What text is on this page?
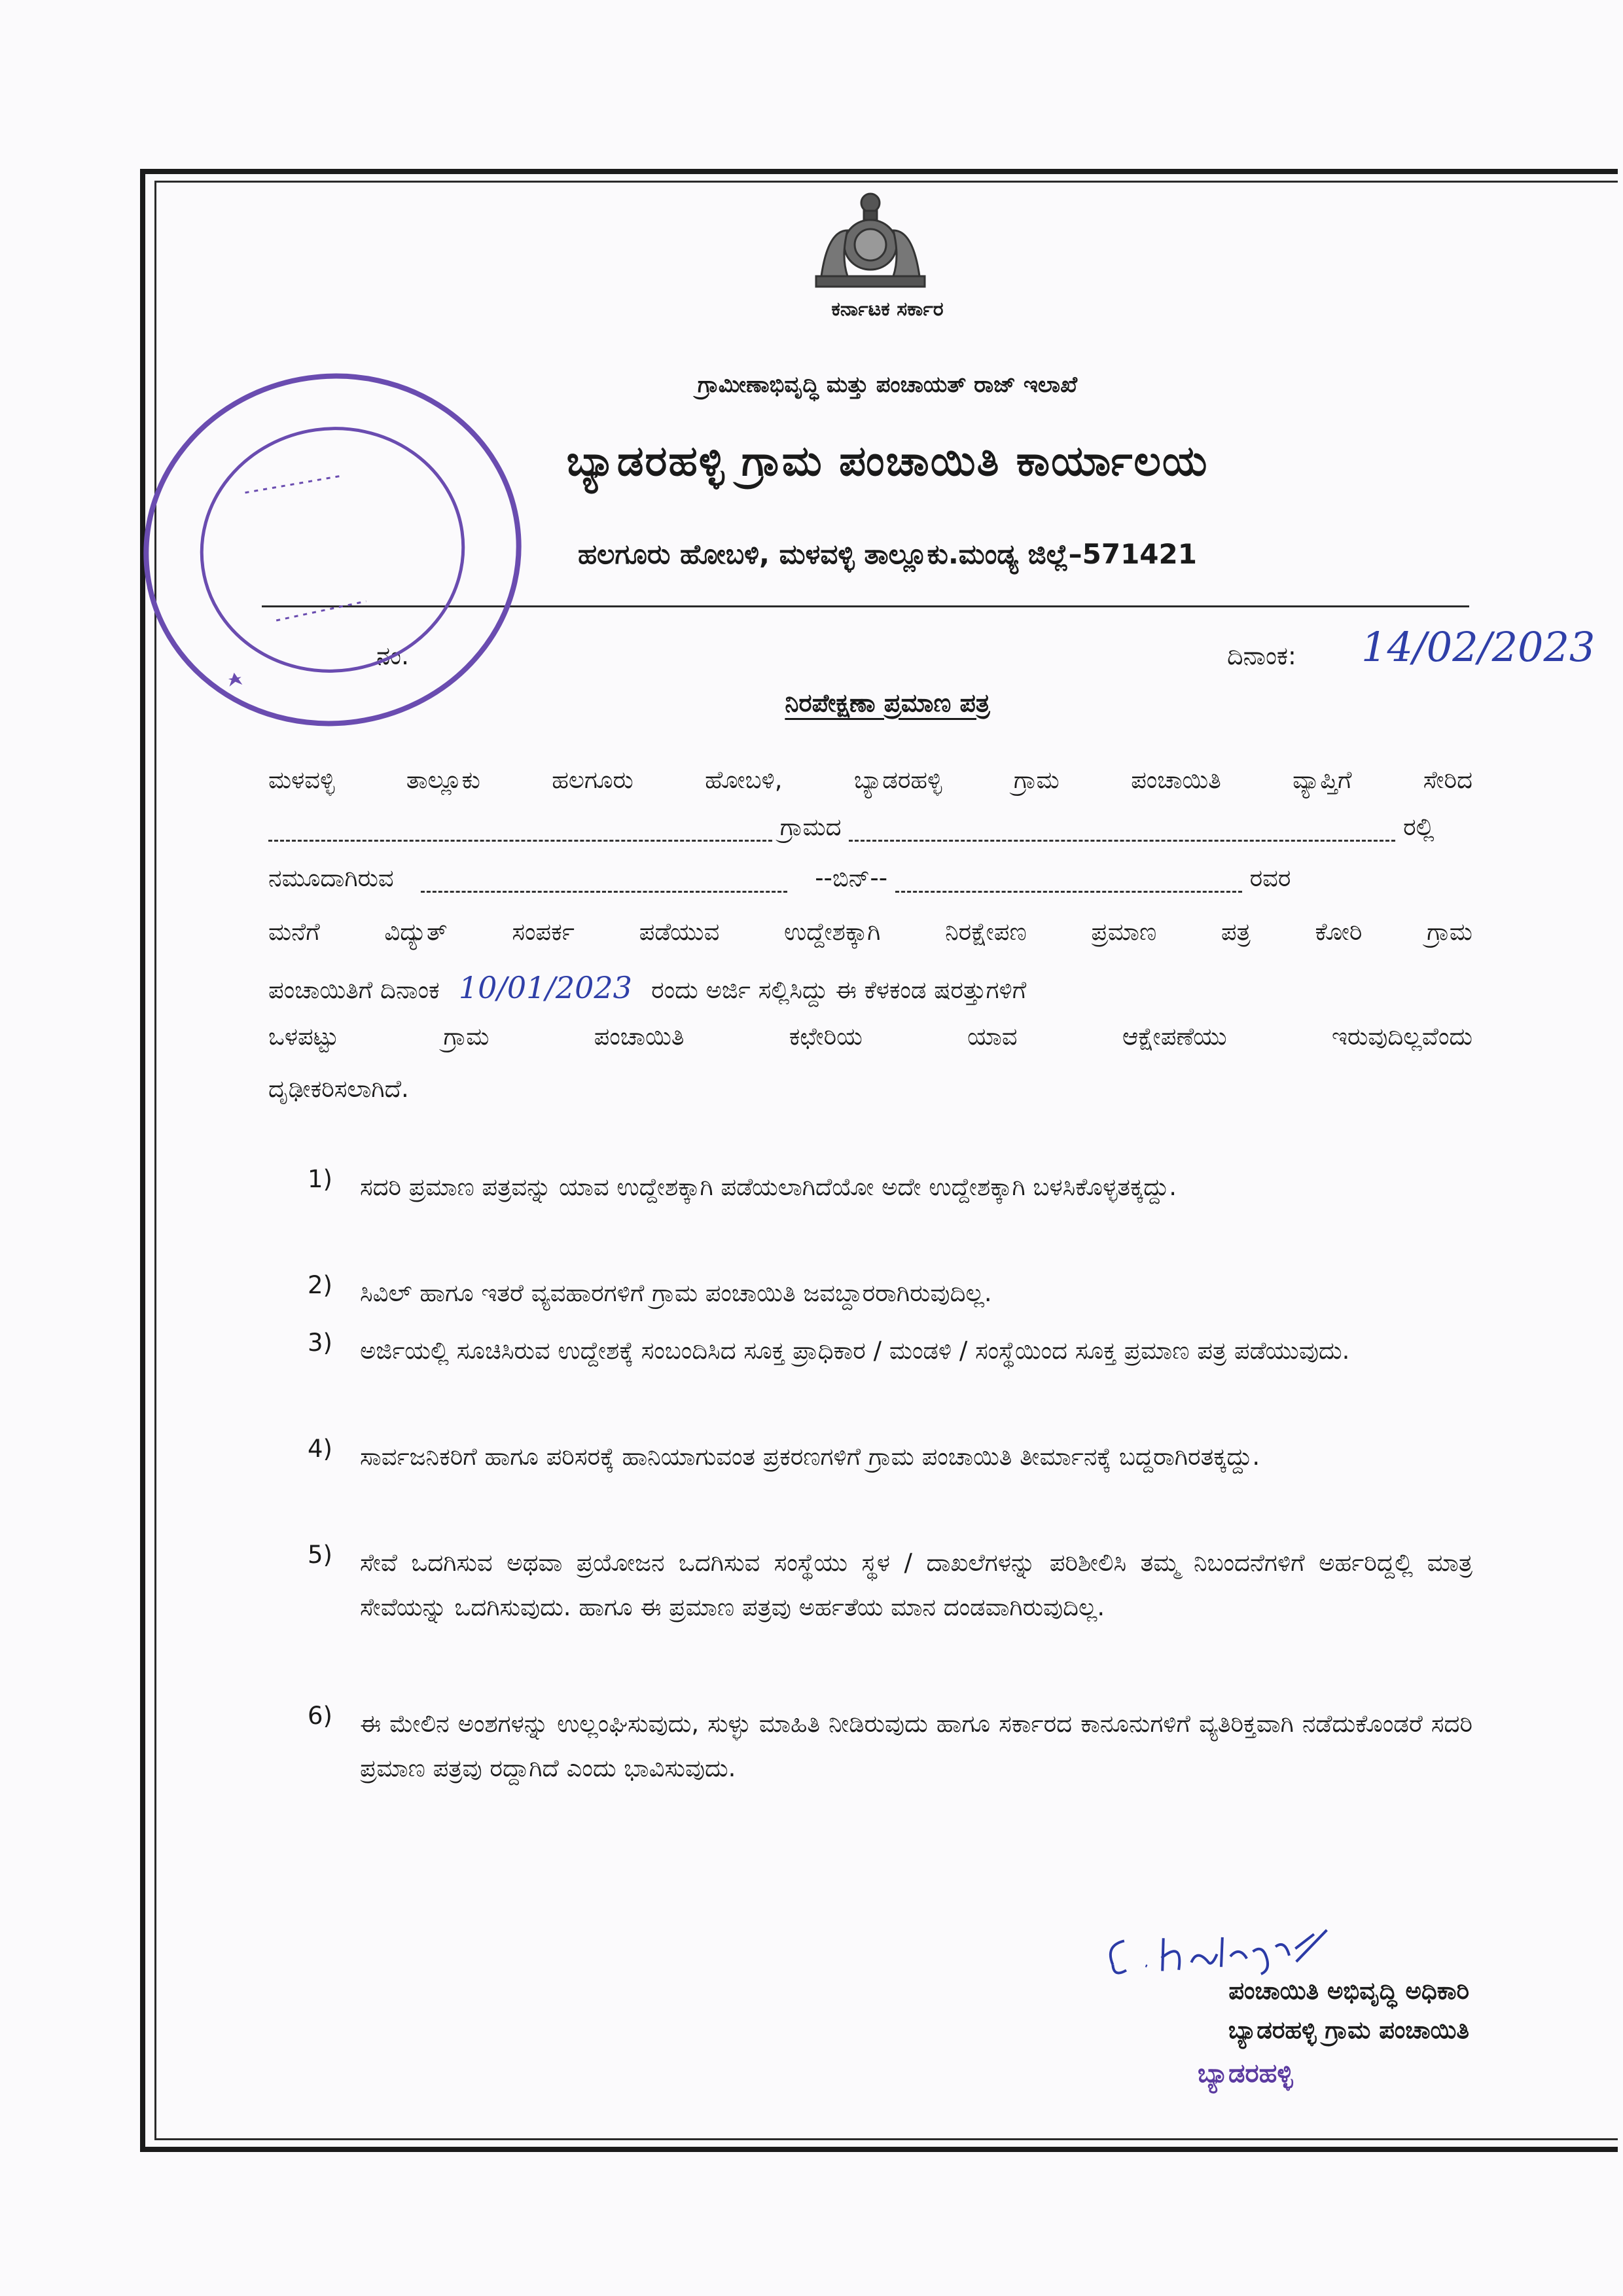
ಕರ್ನಾಟಕ ಸರ್ಕಾರ
ಗ್ರಾಮೀಣಾಭಿವೃದ್ಧಿ ಮತ್ತು ಪಂಚಾಯತ್ ರಾಜ್ ಇಲಾಖೆ
ಬ್ಯಾಡರಹಳ್ಳಿ ಗ್ರಾಮ ಪಂಚಾಯಿತಿ ಕಾರ್ಯಾಲಯ
ಹಲಗೂರು ಹೋಬಳಿ, ಮಳವಳ್ಳಿ ತಾಲ್ಲೂಕು.ಮಂಡ್ಯ ಜಿಲ್ಲೆ–571421
ನಂ.	ದಿನಾಂಕ: 14/02/2023
ನಿರಪೇಕ್ಷಣಾ ಪ್ರಮಾಣ ಪತ್ರ
ಮಳವಳ್ಳಿ ತಾಲ್ಲೂಕು ಹಲಗೂರು ಹೋಬಳಿ, ಬ್ಯಾಡರಹಳ್ಳಿ ಗ್ರಾಮ ಪಂಚಾಯಿತಿ ವ್ಯಾಪ್ತಿಗೆ ಸೇರಿದ
ಗ್ರಾಮದ	ರಲ್ಲಿ
ನಮೂದಾಗಿರುವ	--ಬಿನ್--	ರವರ
ಮನೆಗೆ ವಿದ್ಯುತ್ ಸಂಪರ್ಕ ಪಡೆಯುವ ಉದ್ದೇಶಕ್ಕಾಗಿ ನಿರಕ್ಷೇಪಣ ಪ್ರಮಾಣ ಪತ್ರ ಕೋರಿ ಗ್ರಾಮ
ಪಂಚಾಯಿತಿಗೆ ದಿನಾಂಕ 10/01/2023 ರಂದು ಅರ್ಜಿ ಸಲ್ಲಿಸಿದ್ದು ಈ ಕೆಳಕಂಡ ಷರತ್ತುಗಳಿಗೆ
ಒಳಪಟ್ಟು ಗ್ರಾಮ ಪಂಚಾಯಿತಿ ಕಛೇರಿಯ ಯಾವ ಆಕ್ಷೇಪಣೆಯು ಇರುವುದಿಲ್ಲವೆಂದು
ದೃಢೀಕರಿಸಲಾಗಿದೆ.
1)	ಸದರಿ ಪ್ರಮಾಣ ಪತ್ರವನ್ನು ಯಾವ ಉದ್ದೇಶಕ್ಕಾಗಿ ಪಡೆಯಲಾಗಿದೆಯೋ ಅದೇ ಉದ್ದೇಶಕ್ಕಾಗಿ ಬಳಸಿಕೊಳ್ಳತಕ್ಕದ್ದು.
2)	ಸಿವಿಲ್ ಹಾಗೂ ಇತರೆ ವ್ಯವಹಾರಗಳಿಗೆ ಗ್ರಾಮ ಪಂಚಾಯಿತಿ ಜವಬ್ದಾರರಾಗಿರುವುದಿಲ್ಲ.
3)	ಅರ್ಜಿಯಲ್ಲಿ ಸೂಚಿಸಿರುವ ಉದ್ದೇಶಕ್ಕೆ ಸಂಬಂದಿಸಿದ ಸೂಕ್ತ ಪ್ರಾಧಿಕಾರ / ಮಂಡಳಿ / ಸಂಸ್ಥೆಯಿಂದ ಸೂಕ್ತ ಪ್ರಮಾಣ ಪತ್ರ ಪಡೆಯುವುದು.
4)	ಸಾರ್ವಜನಿಕರಿಗೆ ಹಾಗೂ ಪರಿಸರಕ್ಕೆ ಹಾನಿಯಾಗುವಂತ ಪ್ರಕರಣಗಳಿಗೆ ಗ್ರಾಮ ಪಂಚಾಯಿತಿ ತೀರ್ಮಾನಕ್ಕೆ ಬದ್ದರಾಗಿರತಕ್ಕದ್ದು.
5)	ಸೇವೆ ಒದಗಿಸುವ ಅಥವಾ ಪ್ರಯೋಜನ ಒದಗಿಸುವ ಸಂಸ್ಥೆಯು ಸ್ಥಳ / ದಾಖಲೆಗಳನ್ನು ಪರಿಶೀಲಿಸಿ ತಮ್ಮ ನಿಬಂದನೆಗಳಿಗೆ ಅರ್ಹರಿದ್ದಲ್ಲಿ ಮಾತ್ರ ಸೇವೆಯನ್ನು ಒದಗಿಸುವುದು. ಹಾಗೂ ಈ ಪ್ರಮಾಣ ಪತ್ರವು ಅರ್ಹತೆಯ ಮಾನ ದಂಡವಾಗಿರುವುದಿಲ್ಲ.
6)	ಈ ಮೇಲಿನ ಅಂಶಗಳನ್ನು ಉಲ್ಲಂಘಿಸುವುದು, ಸುಳ್ಳು ಮಾಹಿತಿ ನೀಡಿರುವುದು ಹಾಗೂ ಸರ್ಕಾರದ ಕಾನೂನುಗಳಿಗೆ ವ್ಯತಿರಿಕ್ತವಾಗಿ ನಡೆದುಕೊಂಡರೆ ಸದರಿ ಪ್ರಮಾಣ ಪತ್ರವು ರದ್ದಾಗಿದೆ ಎಂದು ಭಾವಿಸುವುದು.
ಪಂಚಾಯಿತಿ ಅಭಿವೃದ್ಧಿ ಅಧಿಕಾರಿ
ಬ್ಯಾಡರಹಳ್ಳಿ ಗ್ರಾಮ ಪಂಚಾಯಿತಿ
ಬ್ಯಾಡರಹಳ್ಳಿ
